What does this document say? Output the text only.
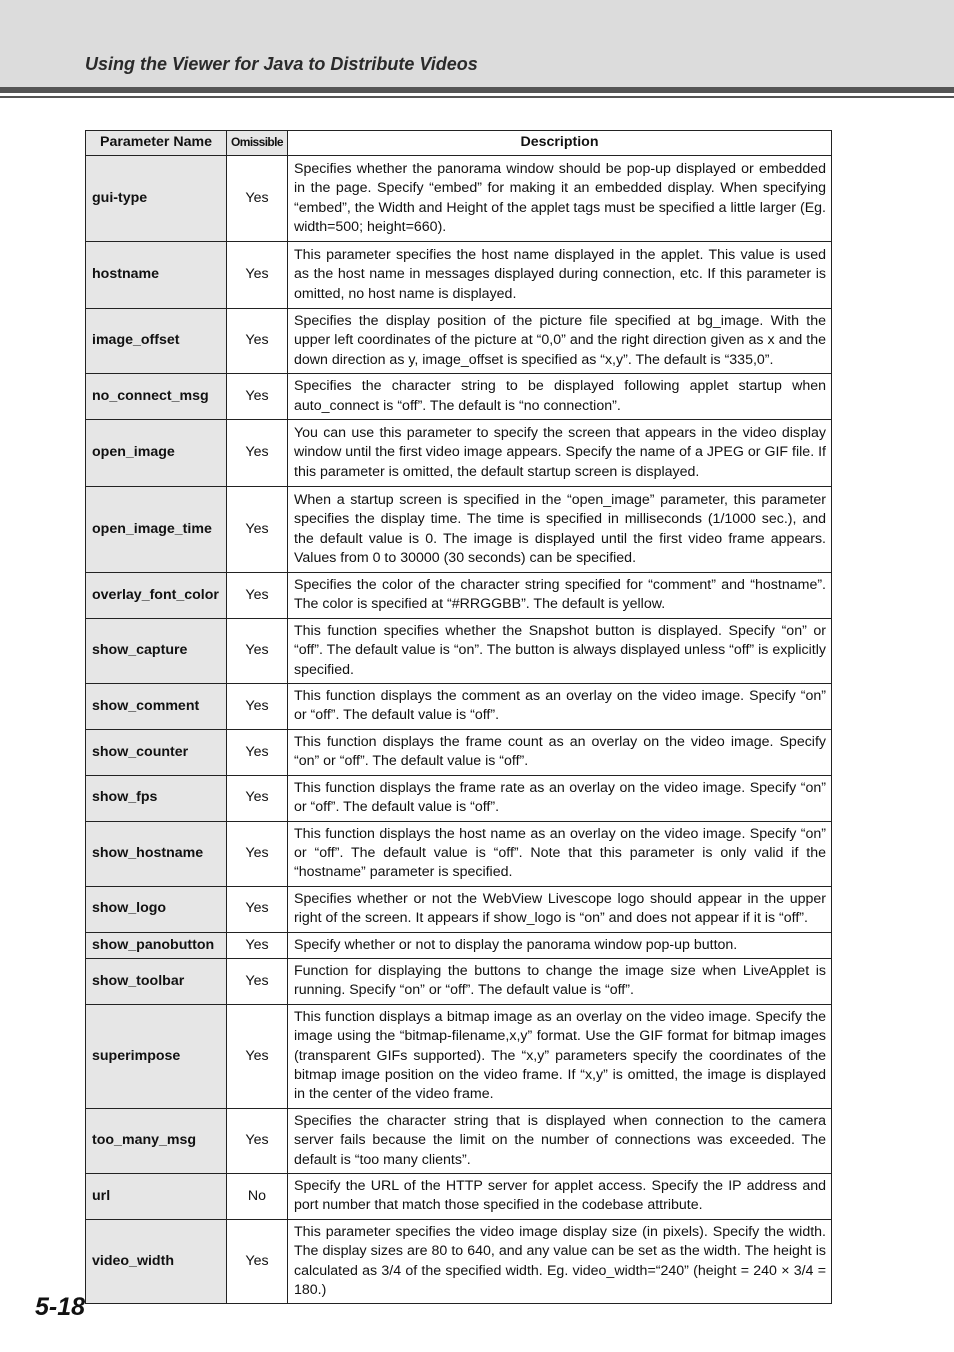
Using the Viewer for Java to Distribute Videos
Parameter Name	Omissible	Description
gui-type	Yes	Specifies whether the panorama window should be pop-up displayed or embedded in the page. Specify “embed” for making it an embedded display. When specifying “embed”, the Width and Height of the applet tags must be specified a little larger (Eg. width=500; height=660).
hostname	Yes	This parameter specifies the host name displayed in the applet. This value is used as the host name in messages displayed during connection, etc. If this parameter is omitted, no host name is displayed.
image_offset	Yes	Specifies the display position of the picture file specified at bg_image. With the upper left coordinates of the picture at “0,0” and the right direction given as x and the down direction as y, image_offset is specified as “x,y”. The default is “335,0”.
no_connect_msg	Yes	Specifies the character string to be displayed following applet startup when auto_connect is “off”. The default is “no connection”.
open_image	Yes	You can use this parameter to specify the screen that appears in the video display window until the first video image appears. Specify the name of a JPEG or GIF file. If this parameter is omitted, the default startup screen is displayed.
open_image_time	Yes	When a startup screen is specified in the “open_image” parameter, this parameter specifies the display time. The time is specified in milliseconds (1/1000 sec.), and the default value is 0. The image is displayed until the first video frame appears. Values from 0 to 30000 (30 seconds) can be specified.
overlay_font_color	Yes	Specifies the color of the character string specified for “comment” and “hostname”. The color is specified at “#RRGGBB”. The default is yellow.
show_capture	Yes	This function specifies whether the Snapshot button is displayed. Specify “on” or “off”. The default value is “on”. The button is always displayed unless “off” is explicitly specified.
show_comment	Yes	This function displays the comment as an overlay on the video image. Specify “on” or “off”. The default value is “off”.
show_counter	Yes	This function displays the frame count as an overlay on the video image. Specify “on” or “off”. The default value is “off”.
show_fps	Yes	This function displays the frame rate as an overlay on the video image. Specify “on” or “off”. The default value is “off”.
show_hostname	Yes	This function displays the host name as an overlay on the video image. Specify “on” or “off”. The default value is “off”. Note that this parameter is only valid if the “hostname” parameter is specified.
show_logo	Yes	Specifies whether or not the WebView Livescope logo should appear in the upper right of the screen. It appears if show_logo is “on” and does not appear if it is “off”.
show_panobutton	Yes	Specify whether or not to display the panorama window pop-up button.
show_toolbar	Yes	Function for displaying the buttons to change the image size when LiveApplet is running. Specify “on” or “off”. The default value is “off”.
superimpose	Yes	This function displays a bitmap image as an overlay on the video image. Specify the image using the “bitmap-filename,x,y” format. Use the GIF format for bitmap images (transparent GIFs supported). The “x,y” parameters specify the coordinates of the bitmap image position on the video frame. If “x,y” is omitted, the image is displayed in the center of the video frame.
too_many_msg	Yes	Specifies the character string that is displayed when connection to the camera server fails because the limit on the number of connections was exceeded. The default is “too many clients”.
url	No	Specify the URL of the HTTP server for applet access. Specify the IP address and port number that match those specified in the codebase attribute.
video_width	Yes	This parameter specifies the video image display size (in pixels). Specify the width. The display sizes are 80 to 640, and any value can be set as the width. The height is calculated as 3/4 of the specified width. Eg. video_width=“240” (height = 240 × 3/4 = 180.)
5-18
